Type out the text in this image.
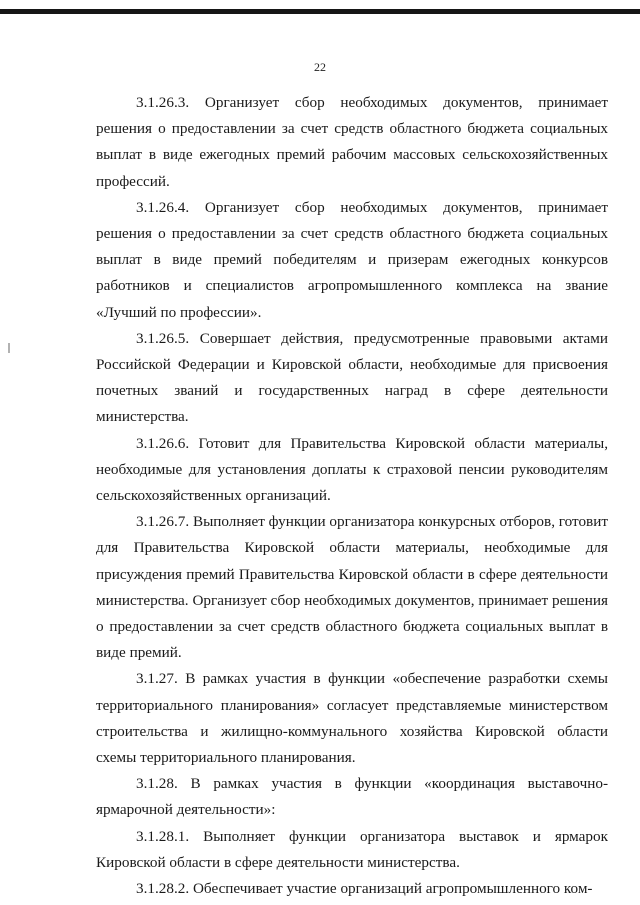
22

3.1.26.3. Организует сбор необходимых документов, принимает решения о предоставлении за счет средств областного бюджета социальных выплат в виде ежегодных премий рабочим массовых сельскохозяйственных профессий.

3.1.26.4. Организует сбор необходимых документов, принимает решения о предоставлении за счет средств областного бюджета социальных выплат в виде премий победителям и призерам ежегодных конкурсов работников и специалистов агропромышленного комплекса на звание «Лучший по профессии».

3.1.26.5. Совершает действия, предусмотренные правовыми актами Российской Федерации и Кировской области, необходимые для присвоения почетных званий и государственных наград в сфере деятельности министерства.

3.1.26.6. Готовит для Правительства Кировской области материалы, необходимые для установления доплаты к страховой пенсии руководителям сельскохозяйственных организаций.

3.1.26.7. Выполняет функции организатора конкурсных отборов, готовит для Правительства Кировской области материалы, необходимые для присуждения премий Правительства Кировской области в сфере деятельности министерства. Организует сбор необходимых документов, принимает решения о предоставлении за счет средств областного бюджета социальных выплат в виде премий.

3.1.27. В рамках участия в функции «обеспечение разработки схемы территориального планирования» согласует представляемые министерством строительства и жилищно-коммунального хозяйства Кировской области схемы территориального планирования.

3.1.28. В рамках участия в функции «координация выставочно-ярмарочной деятельности»:

3.1.28.1. Выполняет функции организатора выставок и ярмарок Кировской области в сфере деятельности министерства.

3.1.28.2. Обеспечивает участие организаций агропромышленного ком-
